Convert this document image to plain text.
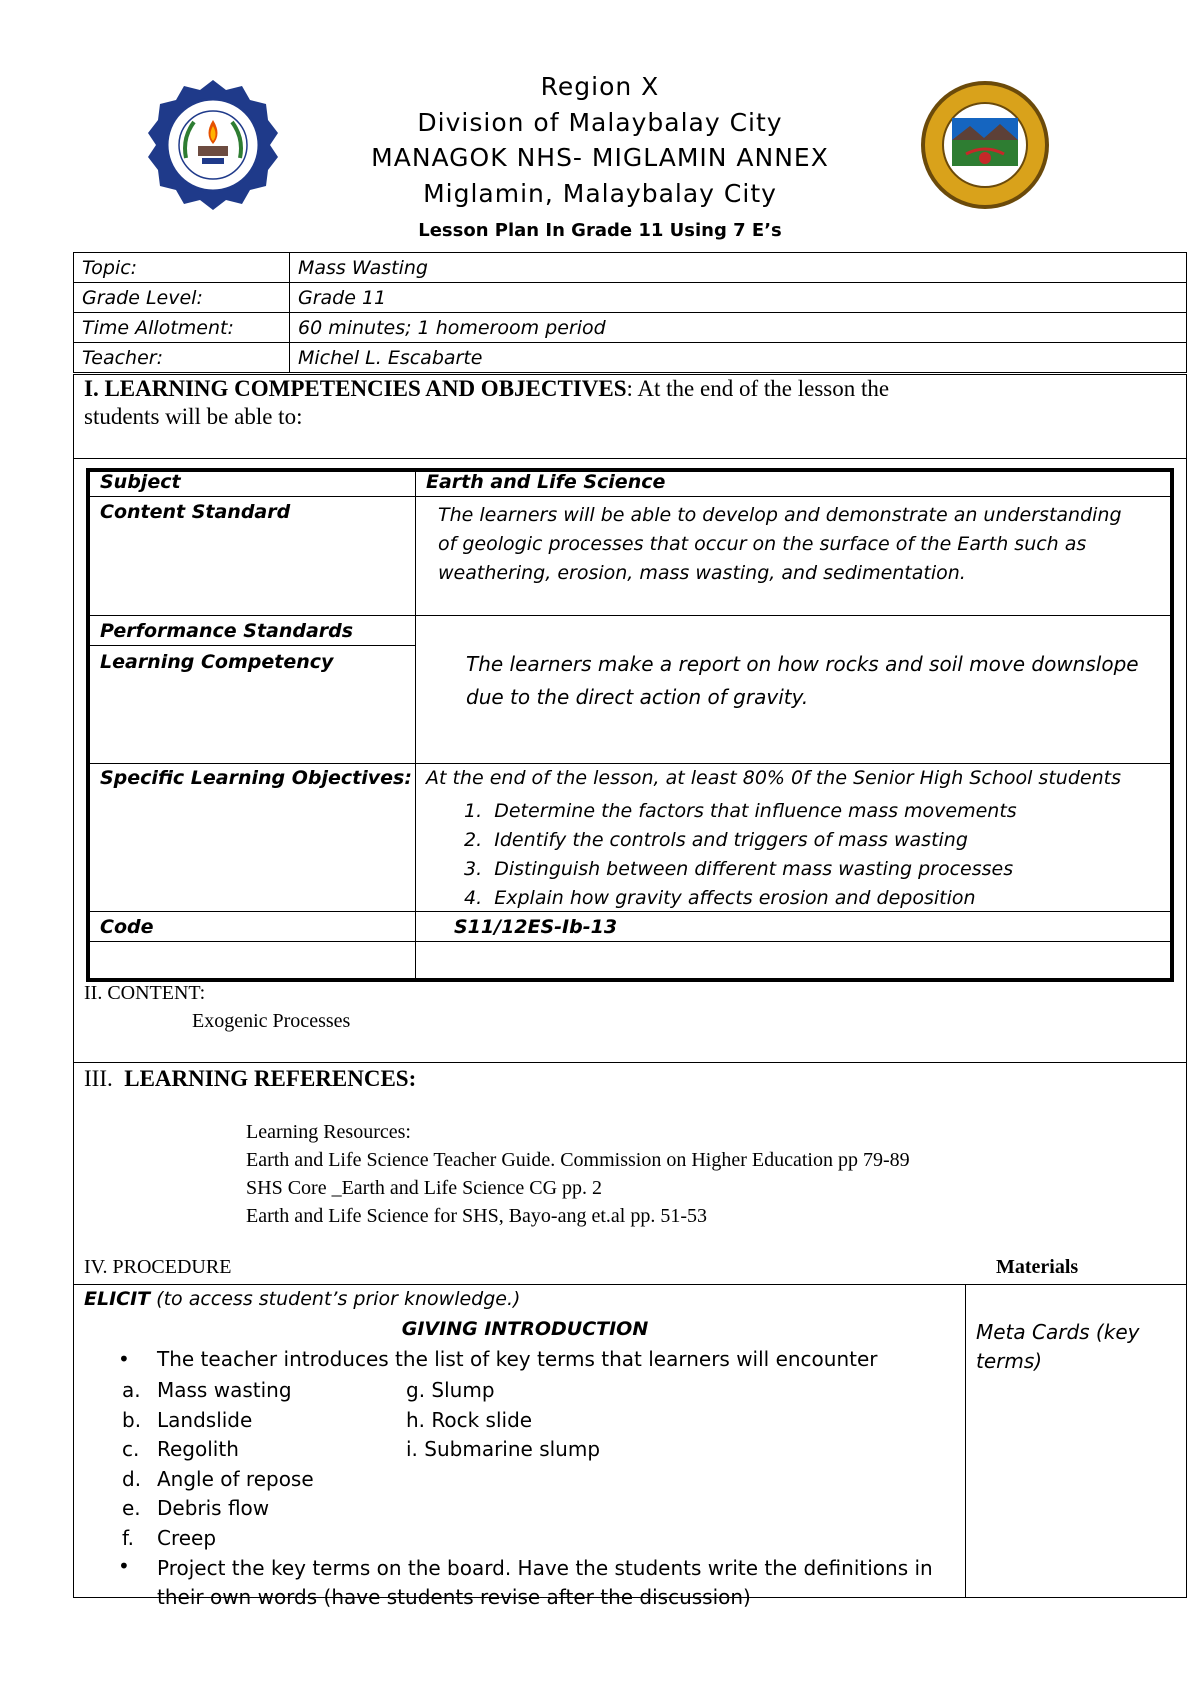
Region X
Division of Malaybalay City
MANAGOK NHS- MIGLAMIN ANNEX
Miglamin, Malaybalay City
Lesson Plan In Grade 11 Using 7 E’s
Topic:	Mass Wasting
Grade Level:	Grade 11
Time Allotment:	60 minutes; 1 homeroom period
Teacher:	Michel L. Escabarte
I. LEARNING COMPETENCIES AND OBJECTIVES: At the end of the lesson the
students will be able to:
Subject	Earth and Life Science
Content Standard	The learners will be able to develop and demonstrate an understanding
of geologic processes that occur on the surface of the Earth such as
weathering, erosion, mass wasting, and sedimentation.
Performance Standards
Learning Competency	The learners make a report on how rocks and soil move downslope
due to the direct action of gravity.
Specific Learning Objectives: At the end of the lesson, at least 80% 0f the Senior High School students
1. Determine the factors that influence mass movements
2. Identify the controls and triggers of mass wasting
3. Distinguish between different mass wasting processes
4. Explain how gravity affects erosion and deposition
Code	S11/12ES-Ib-13
II. CONTENT:
Exogenic Processes
III. LEARNING REFERENCES:
Learning Resources:
Earth and Life Science Teacher Guide. Commission on Higher Education pp 79-89
SHS Core _Earth and Life Science CG pp. 2
Earth and Life Science for SHS, Bayo-ang et.al pp. 51-53
IV. PROCEDURE	Materials
ELICIT (to access student’s prior knowledge.)
GIVING INTRODUCTION
• The teacher introduces the list of key terms that learners will encounter
a. Mass wasting
b. Landslide
c. Regolith
d. Angle of repose
e. Debris flow
f. Creep
g. Slump
h. Rock slide
i. Submarine slump
• Project the key terms on the board. Have the students write the definitions in
their own words (have students revise after the discussion)
Meta Cards (key
terms)
